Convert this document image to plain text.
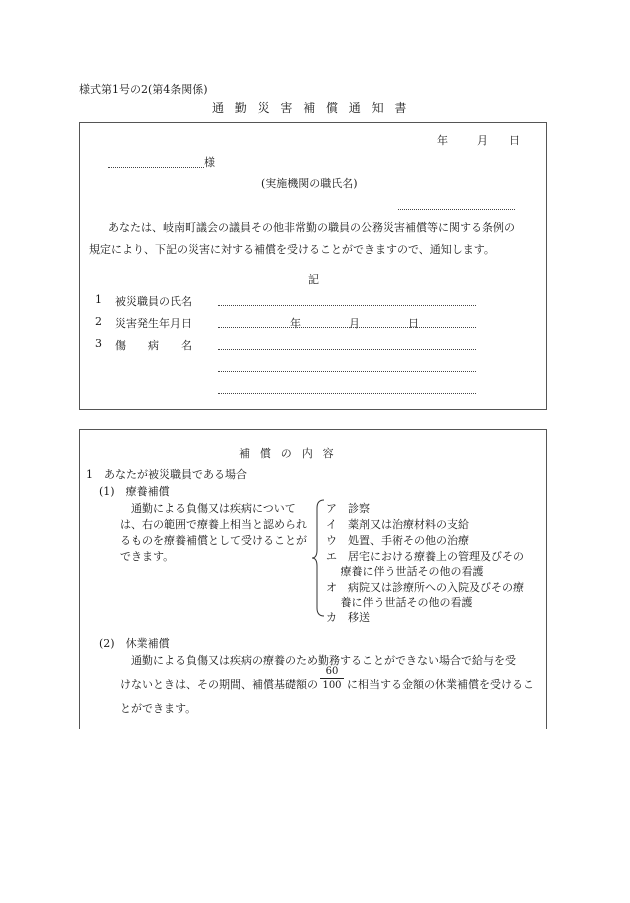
様式第1号の2(第4条関係)
通勤災害補償通知書
年	月 日
様
(実施機関の職氏名)
あなたは、岐南町議会の議員その他非常勤の職員の公務災害補償等に関する条例の
規定により、下記の災害に対する補償を受けることができますので、通知します。
記
1 被災職員の氏名
2 災害発生年月日	年	月	日
3 傷　　病　　名
補償の内容
1　あなたが被災職員である場合
(1)　療養補償
通勤による負傷又は疾病について
は、右の範囲で療養上相当と認められ
るものを療養補償として受けることが
できます。
ア　診察
イ　薬剤又は治療材料の支給
ウ　処置、手術その他の治療
エ　居宅における療養上の管理及びその
　 療養に伴う世話その他の看護
オ　病院又は診療所への入院及びその療
　 養に伴う世話その他の看護
カ　移送
(2)　休業補償
通勤による負傷又は疾病の療養のため勤務することができない場合で給与を受
けないときは、その期間、補償基礎額の
60
100 に相当する金額の休業補償を受けるこ
とができます。
